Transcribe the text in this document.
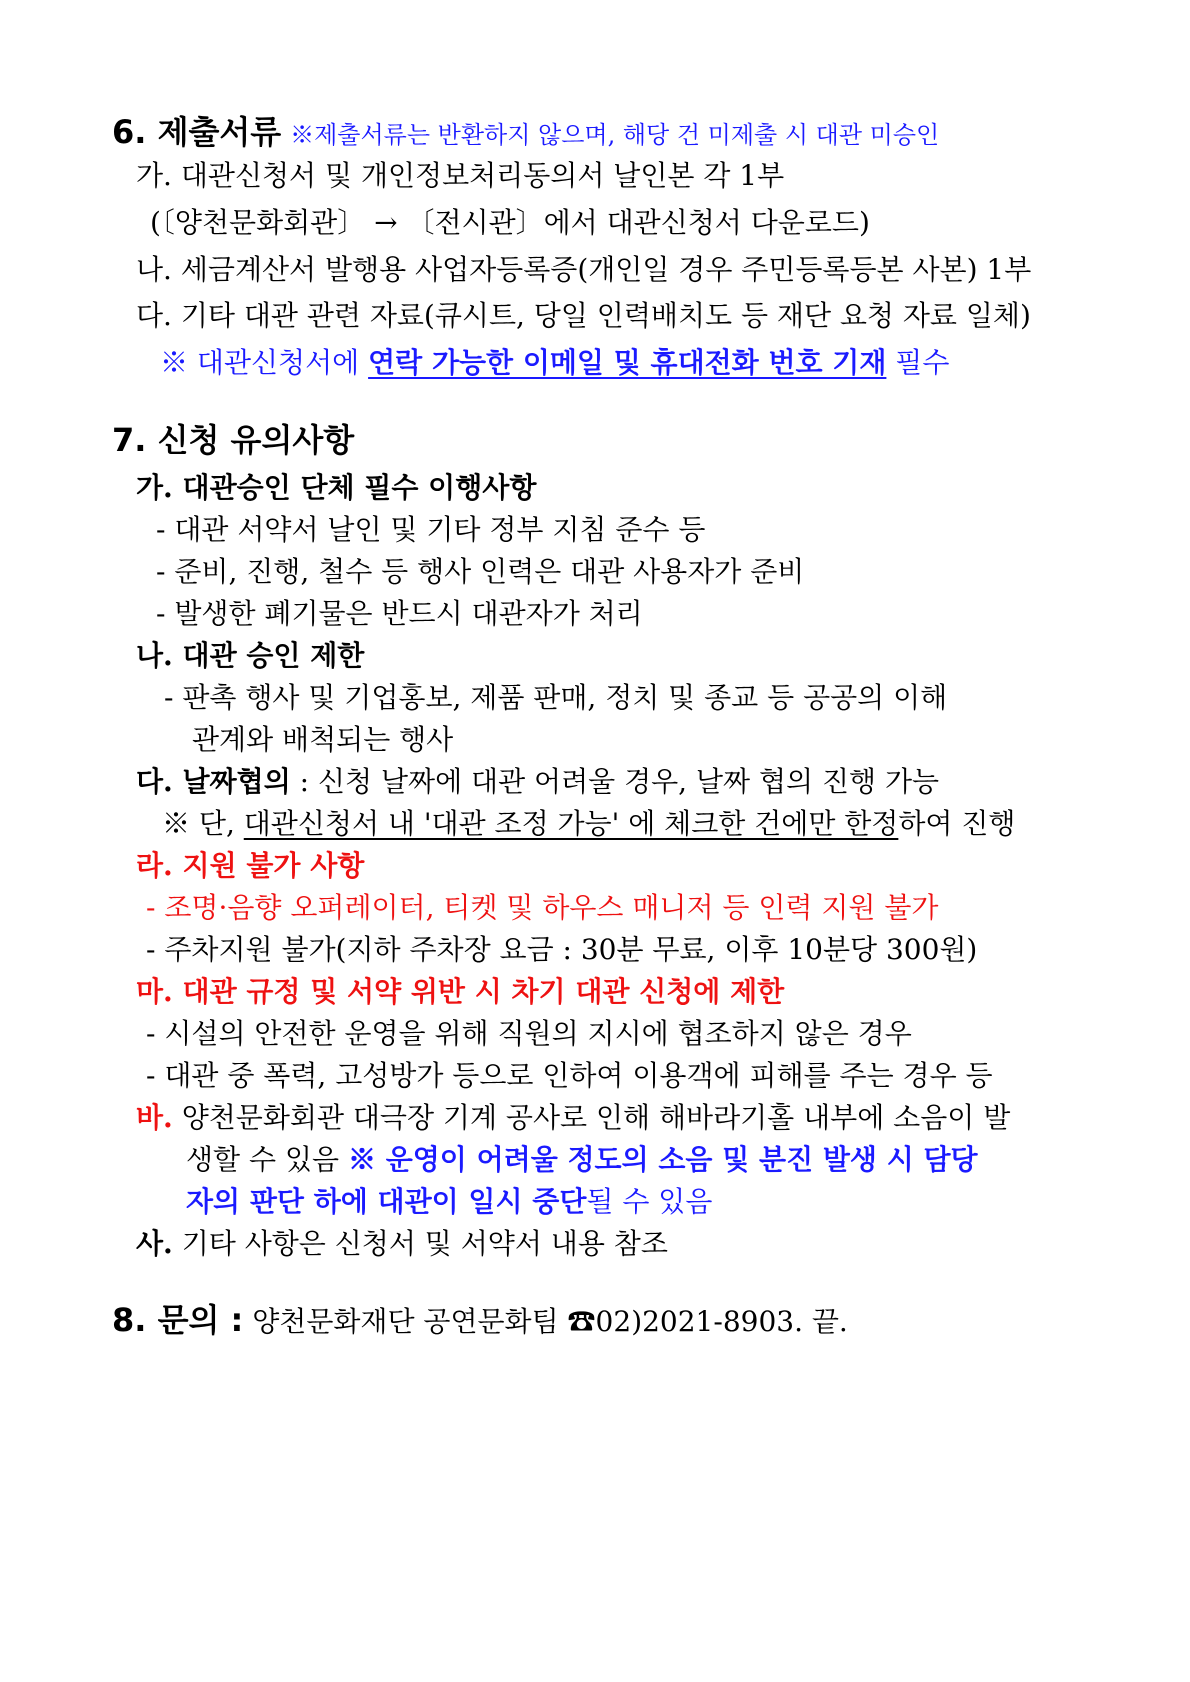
6. 제출서류 ※제출서류는 반환하지 않으며, 해당 건 미제출 시 대관 미승인
가. 대관신청서 및 개인정보처리동의서 날인본 각 1부
(〔양천문화회관〕 → 〔전시관〕에서 대관신청서 다운로드)
나. 세금계산서 발행용 사업자등록증(개인일 경우 주민등록등본 사본) 1부
다. 기타 대관 관련 자료(큐시트, 당일 인력배치도 등 재단 요청 자료 일체)
※ 대관신청서에 연락 가능한 이메일 및 휴대전화 번호 기재 필수
7. 신청 유의사항
가. 대관승인 단체 필수 이행사항
- 대관 서약서 날인 및 기타 정부 지침 준수 등
- 준비, 진행, 철수 등 행사 인력은 대관 사용자가 준비
- 발생한 폐기물은 반드시 대관자가 처리
나. 대관 승인 제한
- 판촉 행사 및 기업홍보, 제품 판매, 정치 및 종교 등 공공의 이해
관계와 배척되는 행사
다. 날짜협의 : 신청 날짜에 대관 어려울 경우, 날짜 협의 진행 가능
※ 단, 대관신청서 내 '대관 조정 가능' 에 체크한 건에만 한정하여 진행
라. 지원 불가 사항
- 조명·음향 오퍼레이터, 티켓 및 하우스 매니저 등 인력 지원 불가
- 주차지원 불가(지하 주차장 요금 : 30분 무료, 이후 10분당 300원)
마. 대관 규정 및 서약 위반 시 차기 대관 신청에 제한
- 시설의 안전한 운영을 위해 직원의 지시에 협조하지 않은 경우
- 대관 중 폭력, 고성방가 등으로 인하여 이용객에 피해를 주는 경우 등
바. 양천문화회관 대극장 기계 공사로 인해 해바라기홀 내부에 소음이 발
생할 수 있음 ※ 운영이 어려울 정도의 소음 및 분진 발생 시 담당
자의 판단 하에 대관이 일시 중단될 수 있음
사. 기타 사항은 신청서 및 서약서 내용 참조
8. 문의 : 양천문화재단 공연문화팀 ☎02)2021-8903. 끝.
